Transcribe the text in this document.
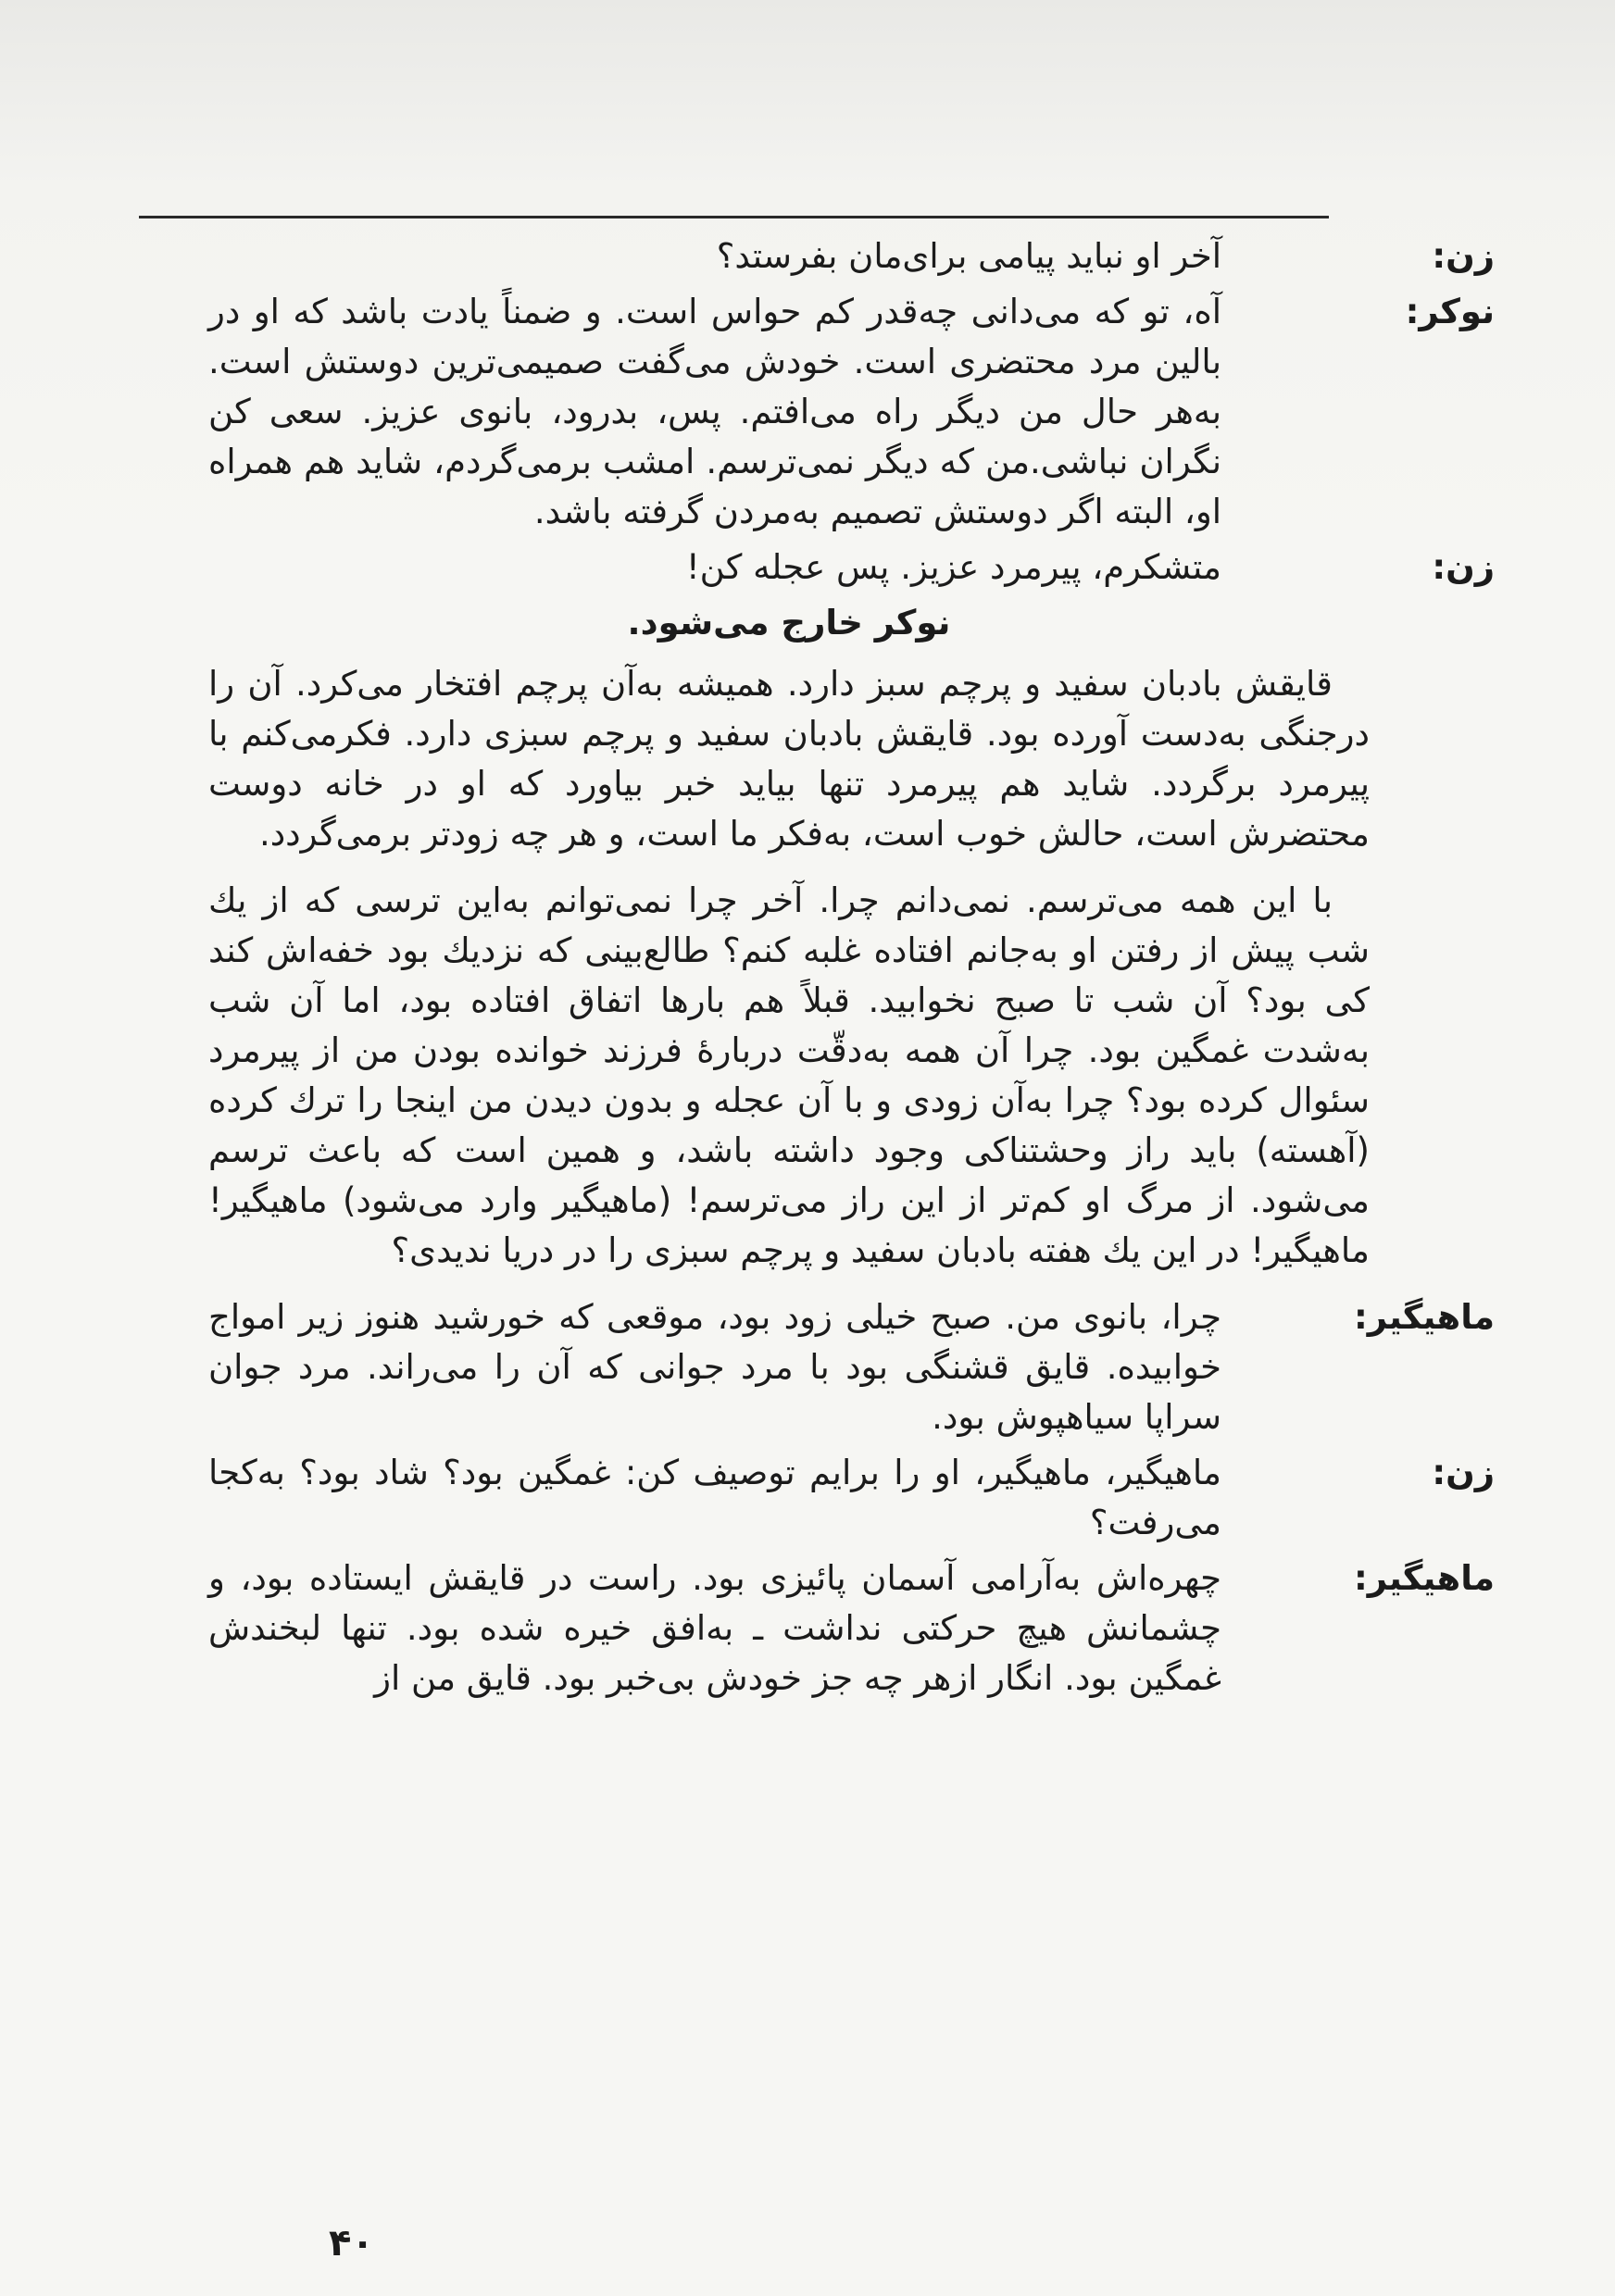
زن:
آخر او نباید پیامی برای‌مان بفرستد؟
نوکر:
آه، تو که می‌دانی چه‌قدر کم حواس است. و ضمناً یادت باشد که او در بالین مرد محتضری است. خودش می‌گفت صمیمی‌ترین دوستش است. به‌هر حال من دیگر راه می‌افتم. پس، بدرود، بانوی عزیز. سعی کن نگران نباشی.من که دیگر نمی‌ترسم. امشب برمی‌گردم، شاید هم همراه او، البته اگر دوستش تصمیم به‌مردن گرفته باشد.
زن:
متشکرم، پیرمرد عزیز. پس عجله کن!
نوکر خارج می‌شود.
قایقش بادبان سفید و پرچم سبز دارد. همیشه به‌آن پرچم افتخار می‌کرد. آن را درجنگی به‌دست آورده بود. قایقش بادبان سفید و پرچم سبزی دارد. فکرمی‌کنم با پیرمرد برگردد. شاید هم پیرمرد تنها بیاید خبر بیاورد که او در خانه دوست محتضرش است، حالش خوب است، به‌فکر ما است، و هر چه زودتر برمی‌گردد.
با این همه می‌ترسم. نمی‌دانم چرا. آخر چرا نمی‌توانم به‌این ترسی که از یك شب پیش از رفتن او به‌جانم افتاده غلبه کنم؟ طالع‌بینی که نزدیك بود خفه‌اش کند کی بود؟ آن شب تا صبح نخوابید. قبلاً هم بارها اتفاق افتاده بود، اما آن شب به‌شدت غمگین بود. چرا آن همه به‌دقّت دربارهٔ فرزند خوانده بودن من از پیرمرد سئوال کرده بود؟ چرا به‌آن زودی و با آن عجله و بدون دیدن من اینجا را ترك کرده (آهسته) باید راز وحشتناکی وجود داشته باشد، و همین است که باعث ترسم می‌شود. از مرگ او کم‌تر از این راز می‌ترسم! (ماهیگیر وارد می‌شود) ماهیگیر!ماهیگیر! در این یك هفته بادبان سفید و پرچم سبزی را در دریا ندیدی؟
ماهیگیر:
چرا، بانوی من. صبح خیلی زود بود، موقعی که خورشید هنوز زیر امواج خوابیده. قایق قشنگی بود با مرد جوانی که آن را می‌راند. مرد جوان سراپا سیاهپوش بود.
زن:
ماهیگیر، ماهیگیر، او را برایم توصیف کن: غمگین بود؟ شاد بود؟ به‌کجا می‌رفت؟
ماهیگیر:
چهره‌اش به‌آرامی آسمان پائیزی بود. راست در قایقش ایستاده بود، و چشمانش هیچ حرکتی نداشت ـ به‌افق خیره شده بود. تنها لبخندش غمگین بود. انگار ازهر چه جز خودش بی‌خبر بود. قایق من از
۴۰
